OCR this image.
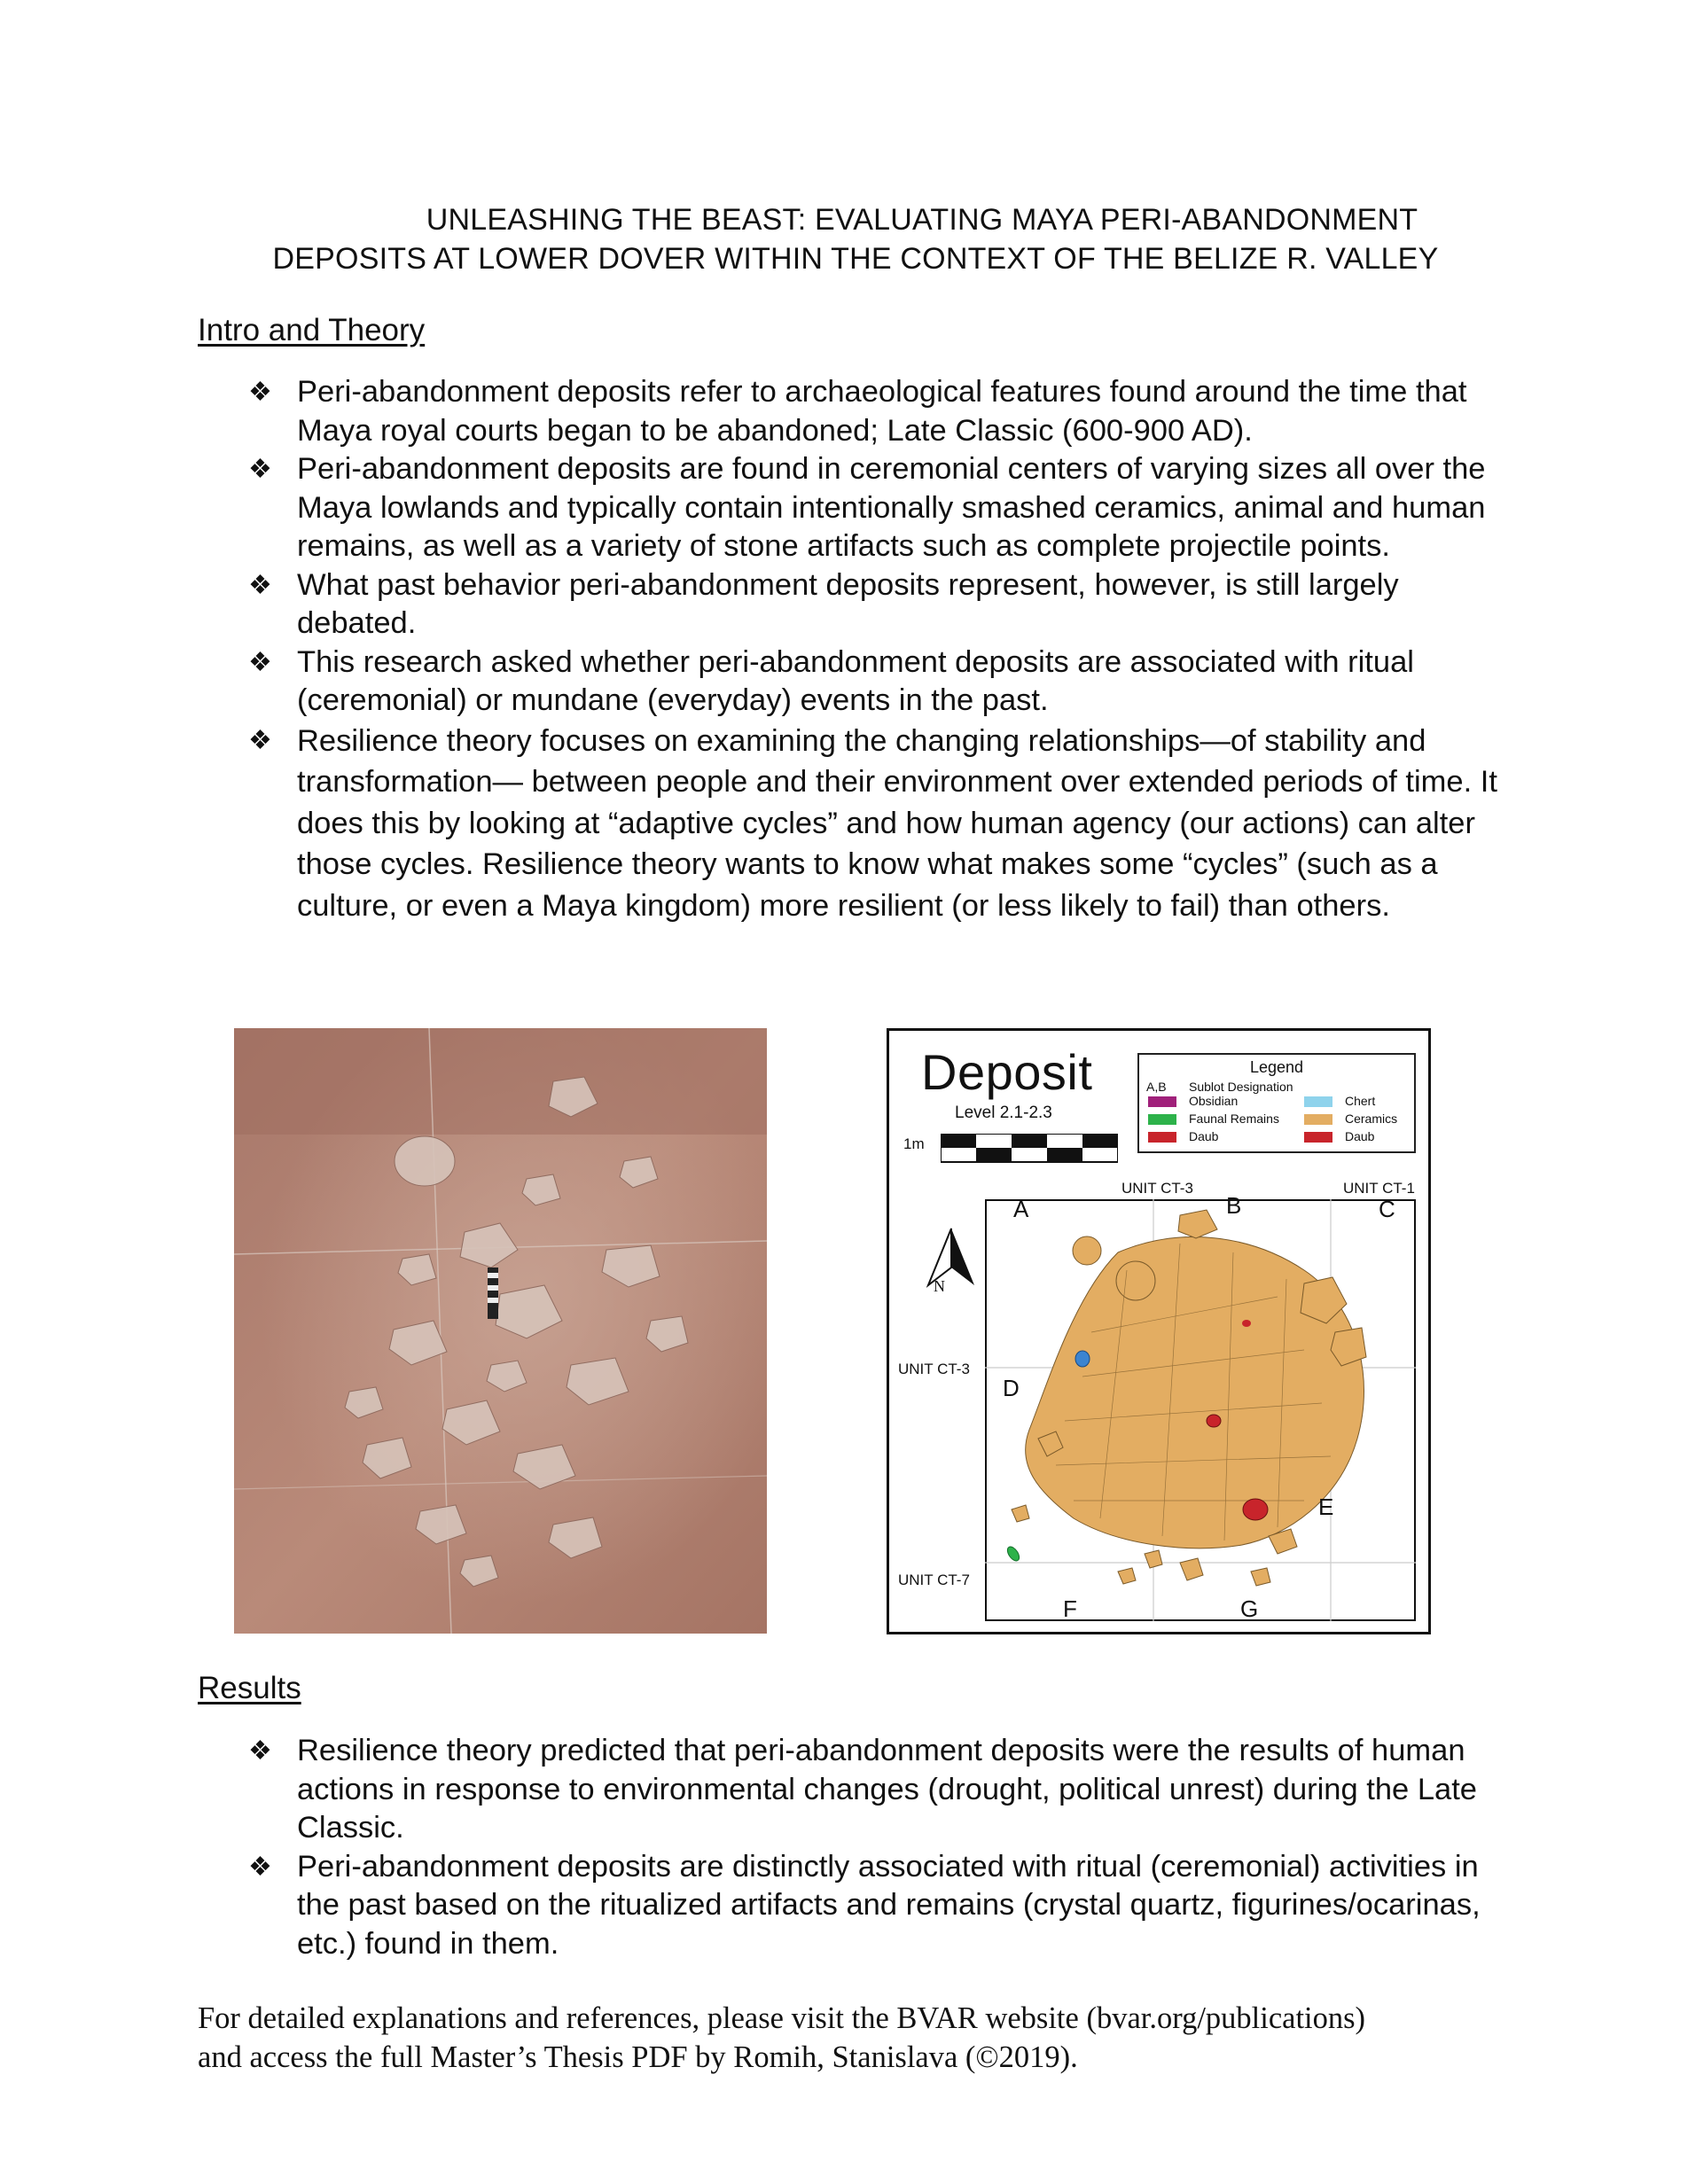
UNLEASHING THE BEAST: EVALUATING MAYA PERI-ABANDONMENT
DEPOSITS AT LOWER DOVER WITHIN THE CONTEXT OF THE BELIZE R. VALLEY
Intro and Theory
❖ Peri-abandonment deposits refer to archaeological features found around the time that Maya royal courts began to be abandoned; Late Classic (600-900 AD).
❖ Peri-abandonment deposits are found in ceremonial centers of varying sizes all over the Maya lowlands and typically contain intentionally smashed ceramics, animal and human remains, as well as a variety of stone artifacts such as complete projectile points.
❖ What past behavior peri-abandonment deposits represent, however, is still largely debated.
❖ This research asked whether peri-abandonment deposits are associated with ritual (ceremonial) or mundane (everyday) events in the past.
❖ Resilience theory focuses on examining the changing relationships—of stability and transformation— between people and their environment over extended periods of time. It does this by looking at “adaptive cycles” and how human agency (our actions) can alter those cycles. Resilience theory wants to know what makes some “cycles” (such as a culture, or even a Maya kingdom) more resilient (or less likely to fail) than others.
Deposit
Level 2.1-2.3
1m
Legend
A,B Sublot Designation
Obsidian
Faunal Remains
Daub
Chert
Ceramics
Daub
UNIT CT-3	UNIT CT-1
UNIT CT-3
UNIT CT-7
N
A	B	C
D
E
F	G
Results
❖ Resilience theory predicted that peri-abandonment deposits were the results of human actions in response to environmental changes (drought, political unrest) during the Late Classic.
❖ Peri-abandonment deposits are distinctly associated with ritual (ceremonial) activities in the past based on the ritualized artifacts and remains (crystal quartz, figurines/ocarinas, etc.) found in them.
For detailed explanations and references, please visit the BVAR website (bvar.org/publications)
and access the full Master’s Thesis PDF by Romih, Stanislava (©2019).
